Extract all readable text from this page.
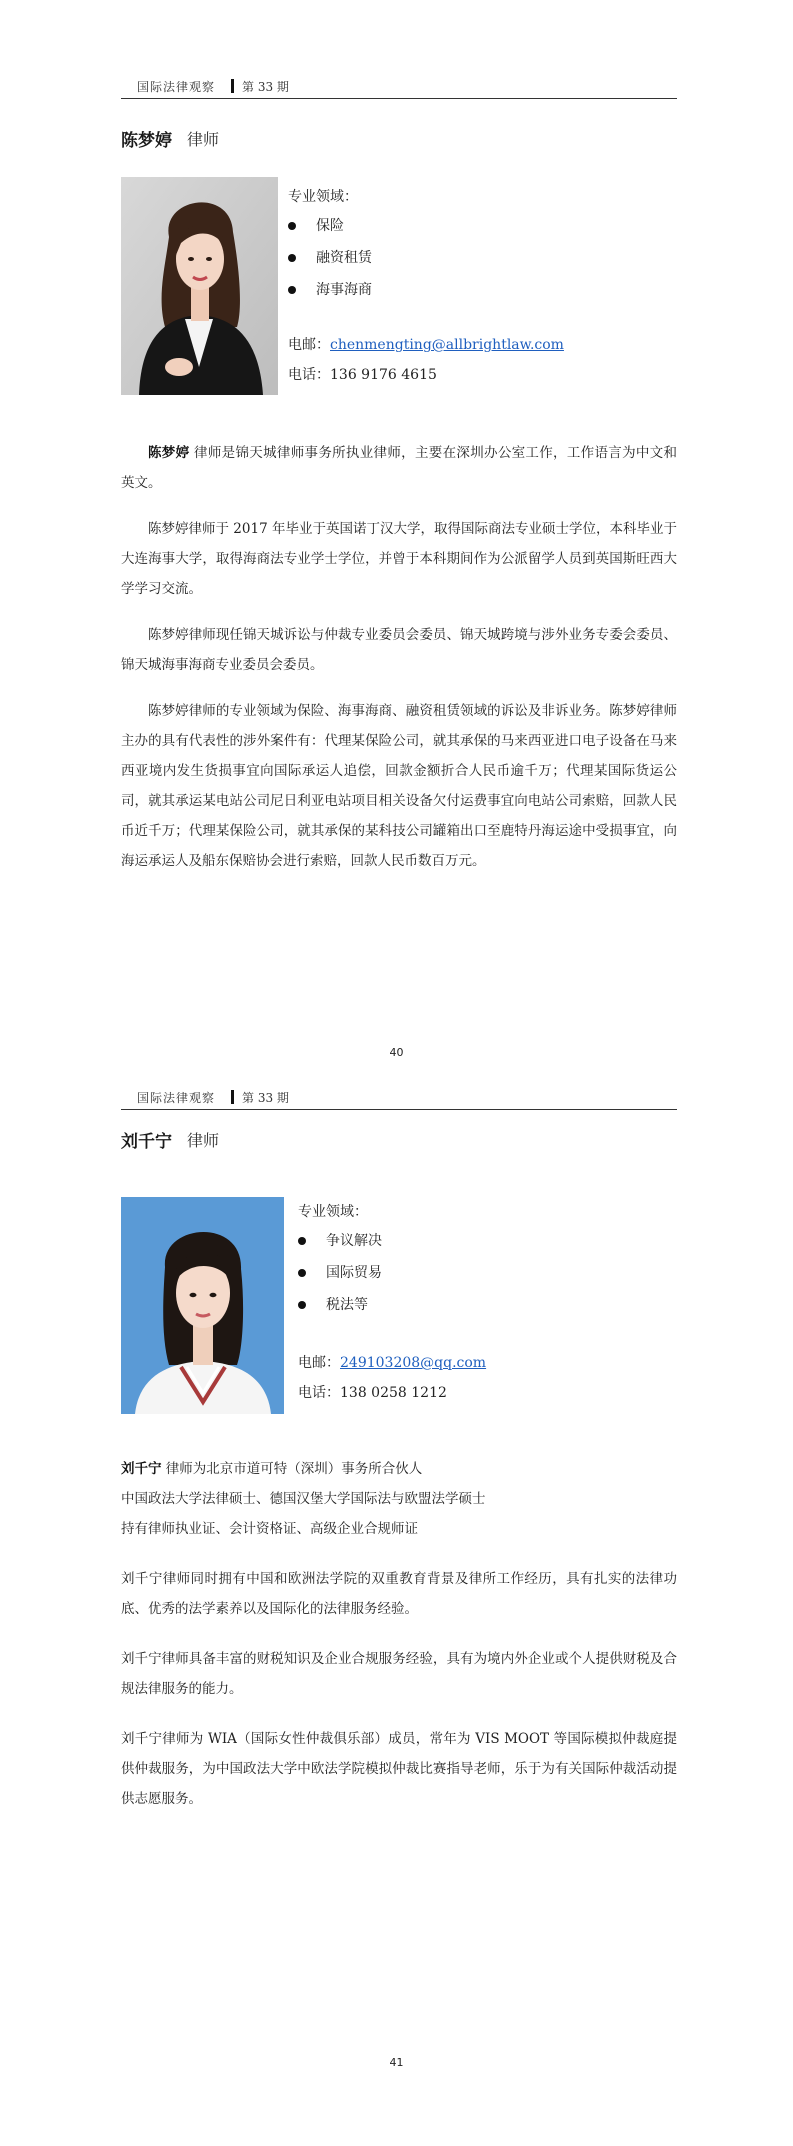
国际法律观察 第 33 期
陈梦婷 律师
专业领域：
保险
融资租赁
海事海商
电邮：chenmengting@allbrightlaw.com
电话：136 9176 4615

陈梦婷 律师是锦天城律师事务所执业律师，主要在深圳办公室工作，工作语言为中文和英文。

陈梦婷律师于 2017 年毕业于英国诺丁汉大学，取得国际商法专业硕士学位，本科毕业于大连海事大学，取得海商法专业学士学位，并曾于本科期间作为公派留学人员到英国斯旺西大学学习交流。

陈梦婷律师现任锦天城诉讼与仲裁专业委员会委员、锦天城跨境与涉外业务专委会委员、锦天城海事海商专业委员会委员。

陈梦婷律师的专业领域为保险、海事海商、融资租赁领域的诉讼及非诉业务。陈梦婷律师主办的具有代表性的涉外案件有：代理某保险公司，就其承保的马来西亚进口电子设备在马来西亚境内发生货损事宜向国际承运人追偿，回款金额折合人民币逾千万；代理某国际货运公司，就其承运某电站公司尼日利亚电站项目相关设备欠付运费事宜向电站公司索赔，回款人民币近千万；代理某保险公司，就其承保的某科技公司罐箱出口至鹿特丹海运途中受损事宜，向海运承运人及船东保赔协会进行索赔，回款人民币数百万元。

40
国际法律观察 第 33 期
刘千宁 律师
专业领域：
争议解决
国际贸易
税法等
电邮：249103208@qq.com
电话：138 0258 1212

刘千宁 律师为北京市道可特（深圳）事务所合伙人

中国政法大学法律硕士、德国汉堡大学国际法与欧盟法学硕士

持有律师执业证、会计资格证、高级企业合规师证

刘千宁律师同时拥有中国和欧洲法学院的双重教育背景及律所工作经历，具有扎实的法律功底、优秀的法学素养以及国际化的法律服务经验。

刘千宁律师具备丰富的财税知识及企业合规服务经验，具有为境内外企业或个人提供财税及合规法律服务的能力。

刘千宁律师为 WIA（国际女性仲裁俱乐部）成员，常年为 VIS MOOT 等国际模拟仲裁庭提供仲裁服务，为中国政法大学中欧法学院模拟仲裁比赛指导老师，乐于为有关国际仲裁活动提供志愿服务。

41
